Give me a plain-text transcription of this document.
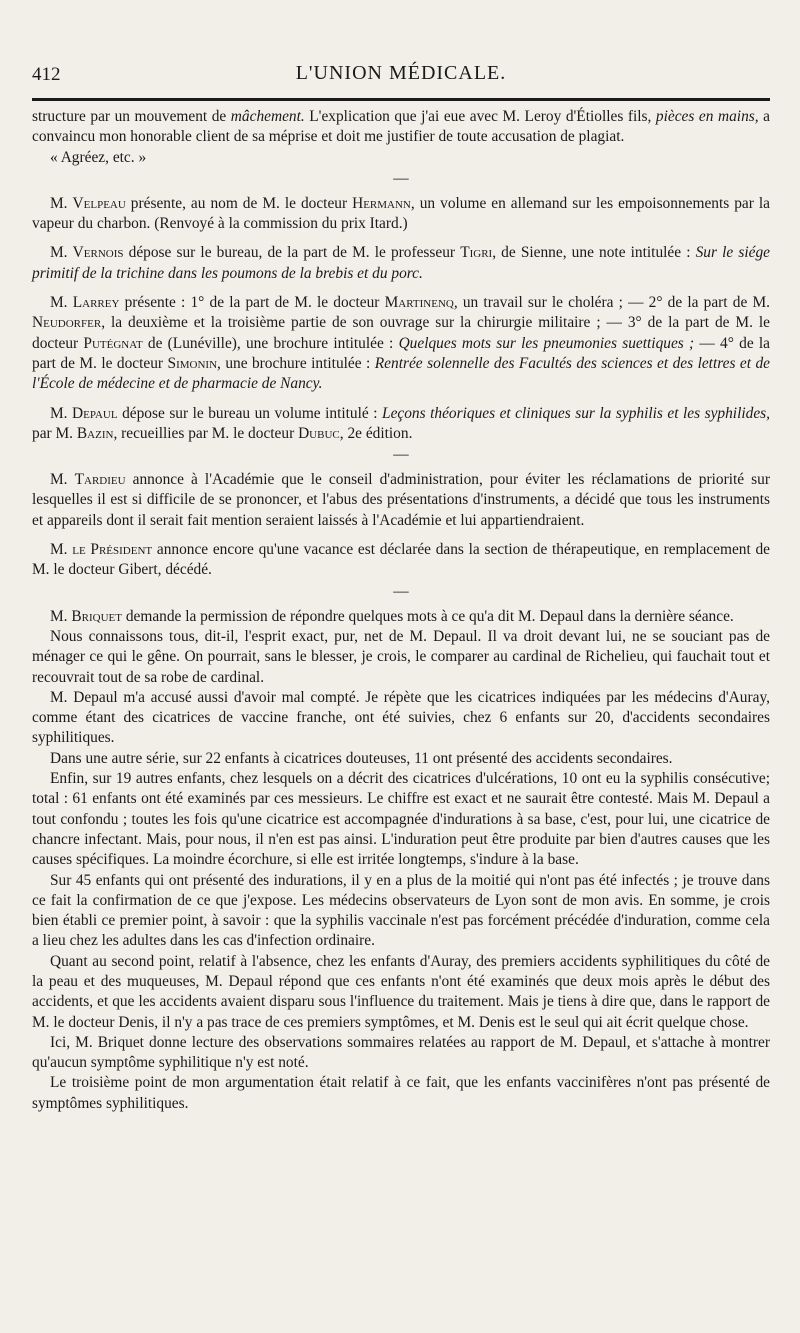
412	L'UNION MÉDICALE.

structure par un mouvement de mâchement. L'explication que j'ai eue avec M. Leroy d'Étiolles fils, pièces en mains, a convaincu mon honorable client de sa méprise et doit me justifier de toute accusation de plagiat.

« Agréez, etc. »

—

M. Velpeau présente, au nom de M. le docteur Hermann, un volume en allemand sur les empoisonnements par la vapeur du charbon. (Renvoyé à la commission du prix Itard.)

M. Vernois dépose sur le bureau, de la part de M. le professeur Tigri, de Sienne, une note intitulée : Sur le siége primitif de la trichine dans les poumons de la brebis et du porc.

M. Larrey présente : 1° de la part de M. le docteur Martinenq, un travail sur le choléra ; — 2° de la part de M. Neudorfer, la deuxième et la troisième partie de son ouvrage sur la chirurgie militaire ; — 3° de la part de M. le docteur Putégnat de (Lunéville), une brochure intitulée : Quelques mots sur les pneumonies suettiques ; — 4° de la part de M. le docteur Simonin, une brochure intitulée : Rentrée solennelle des Facultés des sciences et des lettres et de l'École de médecine et de pharmacie de Nancy.

M. Depaul dépose sur le bureau un volume intitulé : Leçons théoriques et cliniques sur la syphilis et les syphilides, par M. Bazin, recueillies par M. le docteur Dubuc, 2e édition.

—

M. Tardieu annonce à l'Académie que le conseil d'administration, pour éviter les réclamations de priorité sur lesquelles il est si difficile de se prononcer, et l'abus des présentations d'instruments, a décidé que tous les instruments et appareils dont il serait fait mention seraient laissés à l'Académie et lui appartiendraient.

M. le Président annonce encore qu'une vacance est déclarée dans la section de thérapeutique, en remplacement de M. le docteur Gibert, décédé.

—

M. Briquet demande la permission de répondre quelques mots à ce qu'a dit M. Depaul dans la dernière séance.

Nous connaissons tous, dit-il, l'esprit exact, pur, net de M. Depaul. Il va droit devant lui, ne se souciant pas de ménager ce qui le gêne. On pourrait, sans le blesser, je crois, le comparer au cardinal de Richelieu, qui fauchait tout et recouvrait tout de sa robe de cardinal.

M. Depaul m'a accusé aussi d'avoir mal compté. Je répète que les cicatrices indiquées par les médecins d'Auray, comme étant des cicatrices de vaccine franche, ont été suivies, chez 6 enfants sur 20, d'accidents secondaires syphilitiques.

Dans une autre série, sur 22 enfants à cicatrices douteuses, 11 ont présenté des accidents secondaires.

Enfin, sur 19 autres enfants, chez lesquels on a décrit des cicatrices d'ulcérations, 10 ont eu la syphilis consécutive; total : 61 enfants ont été examinés par ces messieurs. Le chiffre est exact et ne saurait être contesté. Mais M. Depaul a tout confondu ; toutes les fois qu'une cicatrice est accompagnée d'indurations à sa base, c'est, pour lui, une cicatrice de chancre infectant. Mais, pour nous, il n'en est pas ainsi. L'induration peut être produite par bien d'autres causes que les causes spécifiques. La moindre écorchure, si elle est irritée longtemps, s'indure à la base.

Sur 45 enfants qui ont présenté des indurations, il y en a plus de la moitié qui n'ont pas été infectés ; je trouve dans ce fait la confirmation de ce que j'expose. Les médecins observateurs de Lyon sont de mon avis. En somme, je crois bien établi ce premier point, à savoir : que la syphilis vaccinale n'est pas forcément précédée d'induration, comme cela a lieu chez les adultes dans les cas d'infection ordinaire.

Quant au second point, relatif à l'absence, chez les enfants d'Auray, des premiers accidents syphilitiques du côté de la peau et des muqueuses, M. Depaul répond que ces enfants n'ont été examinés que deux mois après le début des accidents, et que les accidents avaient disparu sous l'influence du traitement. Mais je tiens à dire que, dans le rapport de M. le docteur Denis, il n'y a pas trace de ces premiers symptômes, et M. Denis est le seul qui ait écrit quelque chose.

Ici, M. Briquet donne lecture des observations sommaires relatées au rapport de M. Depaul, et s'attache à montrer qu'aucun symptôme syphilitique n'y est noté.

Le troisième point de mon argumentation était relatif à ce fait, que les enfants vaccinifères n'ont pas présenté de symptômes syphilitiques.
